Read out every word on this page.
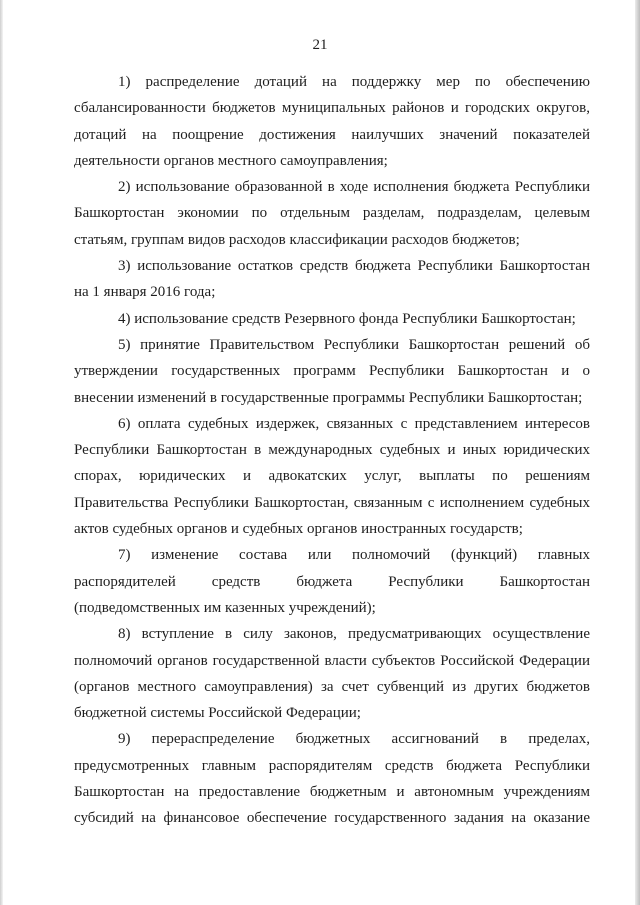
21

1) распределение дотаций на поддержку мер по обеспечению сбалансированности бюджетов муниципальных районов и городских округов, дотаций на поощрение достижения наилучших значений показателей деятельности органов местного самоуправления;

2) использование образованной в ходе исполнения бюджета Республики Башкортостан экономии по отдельным разделам, подразделам, целевым статьям, группам видов расходов классификации расходов бюджетов;

3) использование остатков средств бюджета Республики Башкортостан на 1 января 2016 года;

4) использование средств Резервного фонда Республики Башкортостан;

5) принятие Правительством Республики Башкортостан решений об утверждении государственных программ Республики Башкортостан и о внесении изменений в государственные программы Республики Башкортостан;

6) оплата судебных издержек, связанных с представлением интересов Республики Башкортостан в международных судебных и иных юридических спорах, юридических и адвокатских услуг, выплаты по решениям Правительства Республики Башкортостан, связанным с исполнением судебных актов судебных органов и судебных органов иностранных государств;

7) изменение состава или полномочий (функций) главных распорядителей средств бюджета Республики Башкортостан (подведомственных им казенных учреждений);

8) вступление в силу законов, предусматривающих осуществление полномочий органов государственной власти субъектов Российской Федерации (органов местного самоуправления) за счет субвенций из других бюджетов бюджетной системы Российской Федерации;

9) перераспределение бюджетных ассигнований в пределах, предусмотренных главным распорядителям средств бюджета Республики Башкортостан на предоставление бюджетным и автономным учреждениям субсидий на финансовое обеспечение государственного задания на оказание
